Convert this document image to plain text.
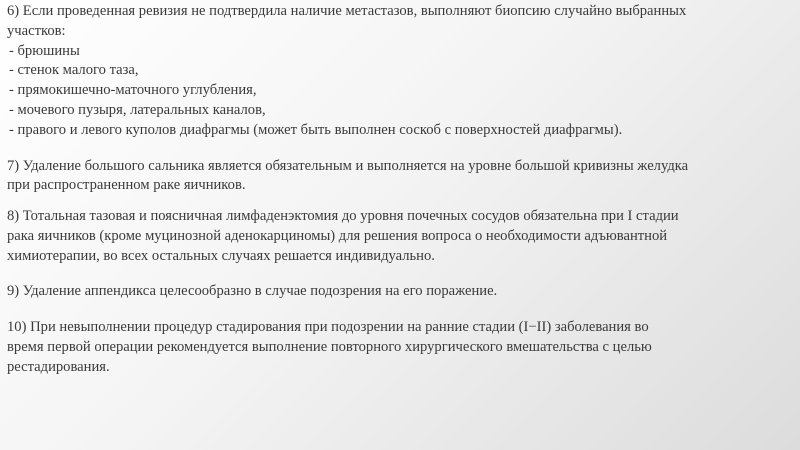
6) Если проведенная ревизия не подтвердила наличие метастазов, выполняют биопсию случайно выбранных
участков:
- брюшины
- стенок малого таза,
- прямокишечно-маточного углубления,
- мочевого пузыря, латеральных каналов,
- правого и левого куполов диафрагмы (может быть выполнен соскоб с поверхностей диафрагмы).
7) Удаление большого сальника является обязательным и выполняется на уровне большой кривизны желудка
при распространенном раке яичников.
8) Тотальная тазовая и поясничная лимфаденэктомия до уровня почечных сосудов обязательна при I стадии
рака яичников (кроме муцинозной аденокарциномы) для решения вопроса о необходимости адъювантной
химиотерапии, во всех остальных случаях решается индивидуально.
9) Удаление аппендикса целесообразно в случае подозрения на его поражение.
10) При невыполнении процедур стадирования при подозрении на ранние стадии (I−II) заболевания во
время первой операции рекомендуется выполнение повторного хирургического вмешательства с целью
рестадирования.
